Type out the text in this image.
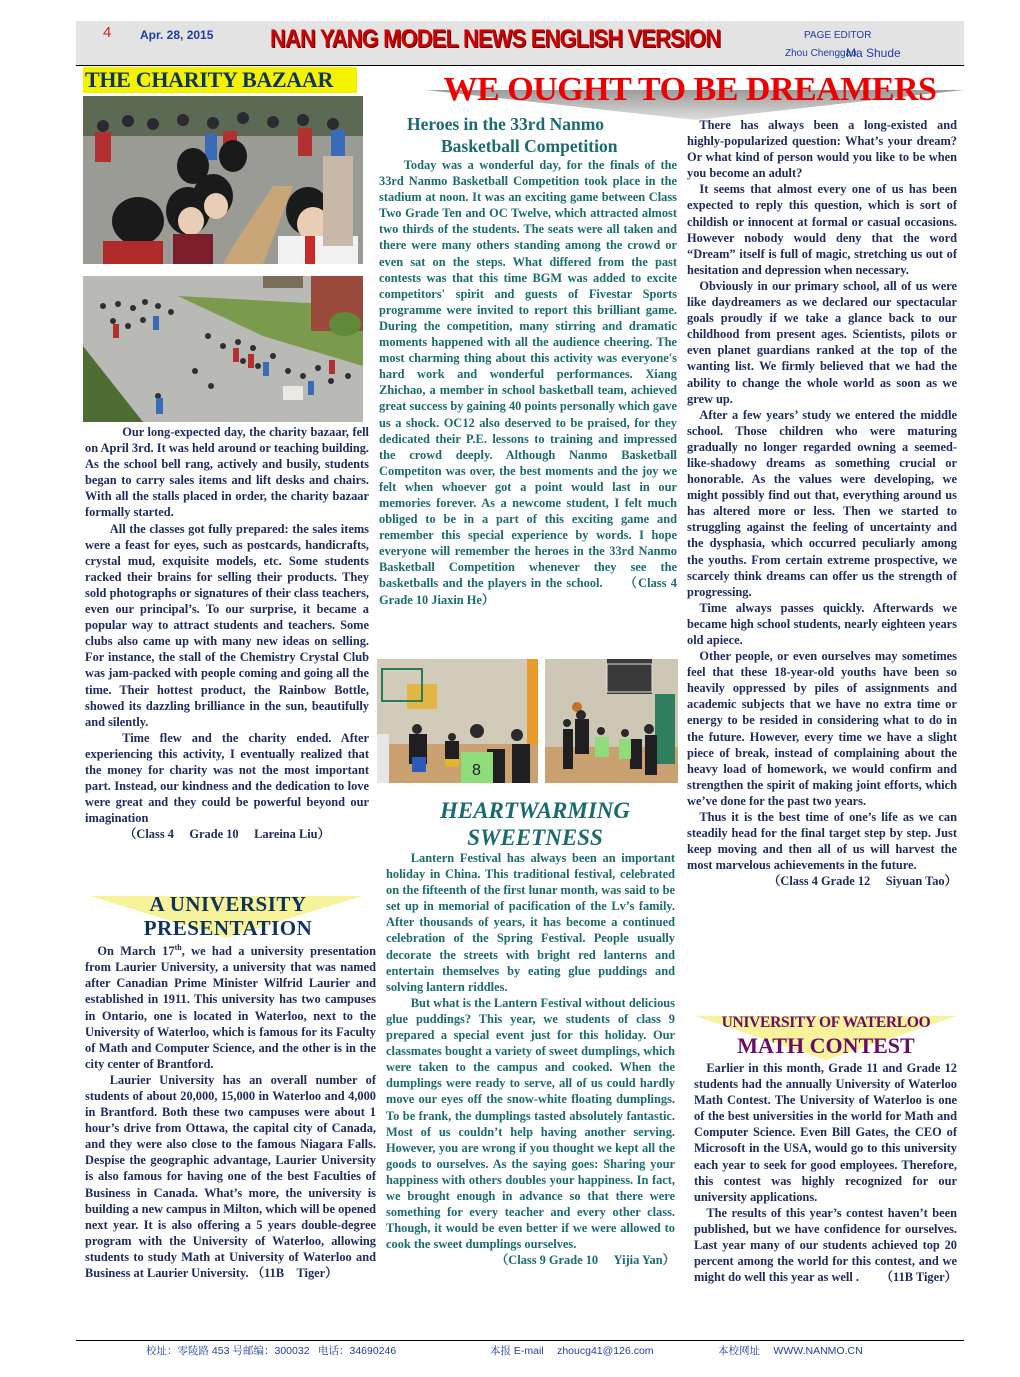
4 Apr. 28, 2015 NAN YANG MODEL NEWS ENGLISH VERSION	PAGE EDITOR
Zhou Chenggao
Ma Shude
THE CHARITY BAZAAR

Our long-expected day, the charity bazaar, fell on April 3rd. It was held around or teaching building. As the school bell rang, actively and busily, students began to carry sales items and lift desks and chairs. With all the stalls placed in order, the charity bazaar formally started.

All the classes got fully prepared: the sales items were a feast for eyes, such as postcards, handicrafts, crystal mud, exquisite models, etc. Some students racked their brains for selling their products. They sold photographs or signatures of their class teachers, even our principal’s. To our surprise, it became a popular way to attract students and teachers. Some clubs also came up with many new ideas on selling. For instance, the stall of the Chemistry Crystal Club was jam-packed with people coming and going all the time. Their hottest product, the Rainbow Bottle, showed its dazzling brilliance in the sun, beautifully and silently.

Time flew and the charity ended. After experiencing this activity, I eventually realized that the money for charity was not the most important part. Instead, our kindness and the dedication to love were great and they could be powerful beyond our imagination

（Class 4 　Grade 10 　Lareina Liu）

A UNIVERSITY
PRESENTATION

On March 17th, we had a university presentation from Laurier University, a university that was named after Canadian Prime Minister Wilfrid Laurier and established in 1911. This university has two campuses in Ontario, one is located in Waterloo, next to the University of Waterloo, which is famous for its Faculty of Math and Computer Science, and the other is in the city center of Brantford.

Laurier University has an overall number of students of about 20,000, 15,000 in Waterloo and 4,000 in Brantford. Both these two campuses were about 1 hour’s drive from Ottawa, the capital city of Canada, and they were also close to the famous Niagara Falls. Despise the geographic advantage, Laurier University is also famous for having one of the best Faculties of Business in Canada. What’s more, the university is building a new campus in Milton, which will be opened next year. It is also offering a 5 years double-degree program with the University of Waterloo, allowing students to study Math at University of Waterloo and Business at Laurier University. （11B　Tiger）

WE OUGHT TO BE DREAMERS
Heroes in the 33rd Nanmo
Basketball Competition

Today was a wonderful day, for the finals of the 33rd Nanmo Basketball Competition took place in the stadium at noon. It was an exciting game between Class Two Grade Ten and OC Twelve, which attracted almost two thirds of the students. The seats were all taken and there were many others standing among the crowd or even sat on the steps. What differed from the past contests was that this time BGM was added to excite competitors' spirit and guests of Fivestar Sports programme were invited to report this brilliant game. During the competition, many stirring and dramatic moments happened with all the audience cheering. The most charming thing about this activity was everyone's hard work and wonderful performances. Xiang Zhichao, a member in school basketball team, achieved great success by gaining 40 points personally which gave us a shock. OC12 also deserved to be praised, for they dedicated their P.E. lessons to training and impressed the crowd deeply. Although Nanmo Basketball Competiton was over, the best moments and the joy we felt when whoever got a point would last in our memories forever. As a newcome student, I felt much obliged to be in a part of this exciting game and remember this special experience by words. I hope everyone will remember the heroes in the 33rd Nanmo Basketball Competition whenever they see the basketballs and the players in the school. （Class 4 Grade 10 Jiaxin He）

8
HEARTWARMING
SWEETNESS

Lantern Festival has always been an important holiday in China. This traditional festival, celebrated on the fifteenth of the first lunar month, was said to be set up in memorial of pacification of the Lv’s family. After thousands of years, it has become a continued celebration of the Spring Festival. People usually decorate the streets with bright red lanterns and entertain themselves by eating glue puddings and solving lantern riddles.

But what is the Lantern Festival without delicious glue puddings? This year, we students of class 9 prepared a special event just for this holiday. Our classmates bought a variety of sweet dumplings, which were taken to the campus and cooked. When the dumplings were ready to serve, all of us could hardly move our eyes off the snow-white floating dumplings. To be frank, the dumplings tasted absolutely fantastic. Most of us couldn’t help having another serving. However, you are wrong if you thought we kept all the goods to ourselves. As the saying goes: Sharing your happiness with others doubles your happiness. In fact, we brought enough in advance so that there were something for every teacher and every other class. Though, it would be even better if we were allowed to cook the sweet dumplings ourselves.

（Class 9 Grade 10 　Yijia Yan）

There has always been a long-existed and highly-popularized question: What’s your dream? Or what kind of person would you like to be when you become an adult?

It seems that almost every one of us has been expected to reply this question, which is sort of childish or innocent at formal or casual occasions. However nobody would deny that the word “Dream” itself is full of magic, stretching us out of hesitation and depression when necessary.

Obviously in our primary school, all of us were like daydreamers as we declared our spectacular goals proudly if we take a glance back to our childhood from present ages. Scientists, pilots or even planet guardians ranked at the top of the wanting list. We firmly believed that we had the ability to change the whole world as soon as we grew up.

After a few years’ study we entered the middle school. Those children who were maturing gradually no longer regarded owning a seemed-like-shadowy dreams as something crucial or honorable. As the values were developing, we might possibly find out that, everything around us has altered more or less. Then we started to struggling against the feeling of uncertainty and the dysphasia, which occurred peculiarly among the youths. From certain extreme prospective, we scarcely think dreams can offer us the strength of progressing.

Time always passes quickly. Afterwards we became high school students, nearly eighteen years old apiece.

Other people, or even ourselves may sometimes feel that these 18-year-old youths have been so heavily oppressed by piles of assignments and academic subjects that we have no extra time or energy to be resided in considering what to do in the future. However, every time we have a slight piece of break, instead of complaining about the heavy load of homework, we would confirm and strengthen the spirit of making joint efforts, which we’ve done for the past two years.

Thus it is the best time of one’s life as we can steadily head for the final target step by step. Just keep moving and then all of us will harvest the most marvelous achievements in the future.

（Class 4 Grade 12 　Siyuan Tao）

UNIVERSITY OF WATERLOO
MATH CONTEST

Earlier in this month, Grade 11 and Grade 12 students had the annually University of Waterloo Math Contest. The University of Waterloo is one of the best universities in the world for Math and Computer Science. Even Bill Gates, the CEO of Microsoft in the USA, would go to this university each year to seek for good employees. Therefore, this contest was highly recognized for our university applications.

The results of this year’s contest haven’t been published, but we have confidence for ourselves. Last year many of our students achieved top 20 percent among the world for this contest, and we might do well this year as well . （11B Tiger）

校址：零陵路 453 号 邮编：300032 电话：34690246	本报 E-mail 　zhoucg41@126.com	本校网址 　WWW.NANMO.CN
